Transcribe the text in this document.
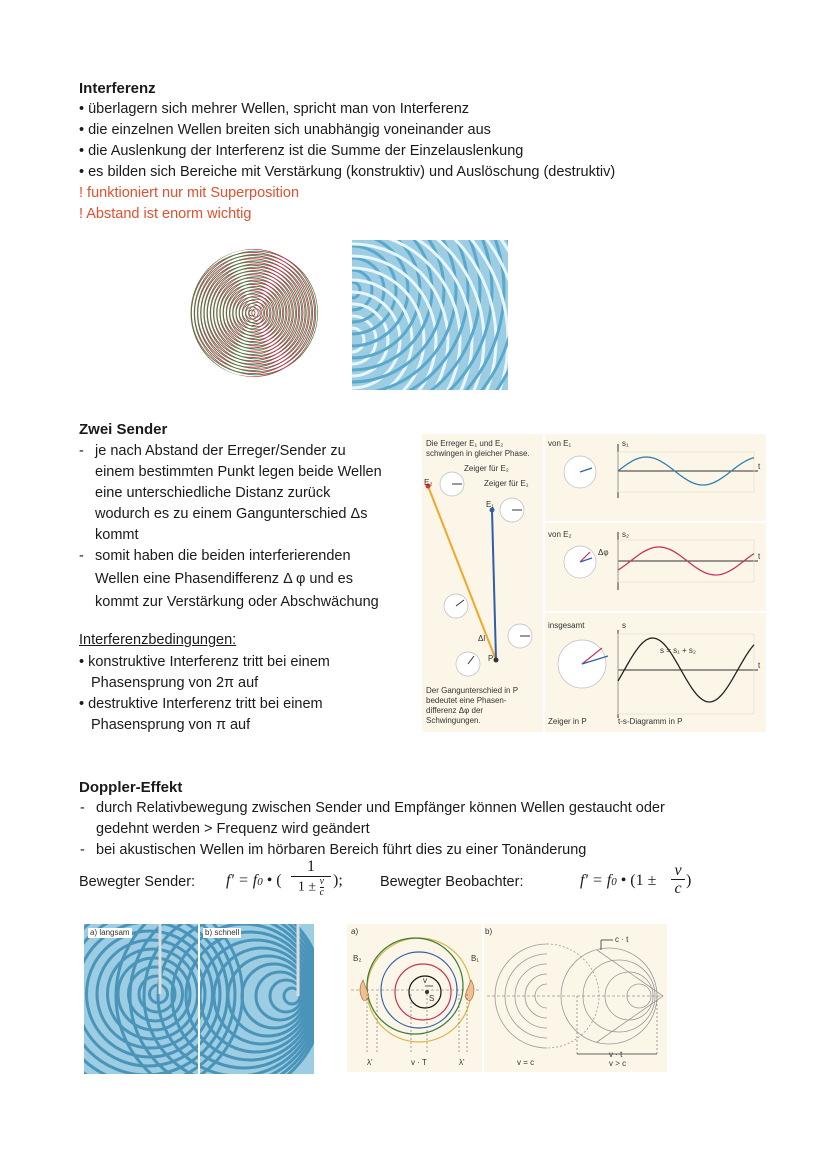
Interferenz
• überlagern sich mehrer Wellen, spricht man von Interferenz
• die einzelnen Wellen breiten sich unabhängig voneinander aus
• die Auslenkung der Interferenz ist die Summe der Einzelauslenkung
• es bilden sich Bereiche mit Verstärkung (konstruktiv) und Auslöschung (destruktiv)
! funktioniert nur mit Superposition
! Abstand ist enorm wichtig
Zwei Sender
- je nach Abstand der Erreger/Sender zu
einem bestimmten Punkt legen beide Wellen
eine unterschiedliche Distanz zurück
wodurch es zu einem Gangunterschied Δs
kommt
- somit haben die beiden interferierenden
Wellen eine Phasendifferenz Δ φ und es
kommt zur Verstärkung oder Abschwächung
Interferenzbedingungen:
• konstruktive Interferenz tritt bei einem
Phasensprung von 2π auf
• destruktive Interferenz tritt bei einem
Phasensprung von π auf
Die Erreger E₁ und E₂
schwingen in gleicher Phase.
Zeiger für E₂
Zeiger für E₁
E₂
E₁
Δl
P
Der Gangunterschied in P
bedeutet eine Phasen-
differenz Δφ der
Schwingungen.
von E₁
von E₂
insgesamt
s₁
s₂
s
t
t
t
Δφ
s = s₁ + s₂
Zeiger in P	t-s-Diagramm in P
Doppler-Effekt
- durch Relativbewegung zwischen Sender und Empfänger können Wellen gestaucht oder
gedehnt werden > Frequenz wird geändert
- bei akustischen Wellen im hörbaren Bereich führt dies zu einer Tonänderung
Bewegter Sender: f′ = f0 • (
1
$1 \pm \frac{v}{c}$ );	Bewegter Beobachter:	f′ = f0 • (1 ±
v
c )
a) langsam	b) schnell	a)	b)
B₂	B₁
v
S
λ'	v · T	λ'	v = c
c · t
v · t
v > c
